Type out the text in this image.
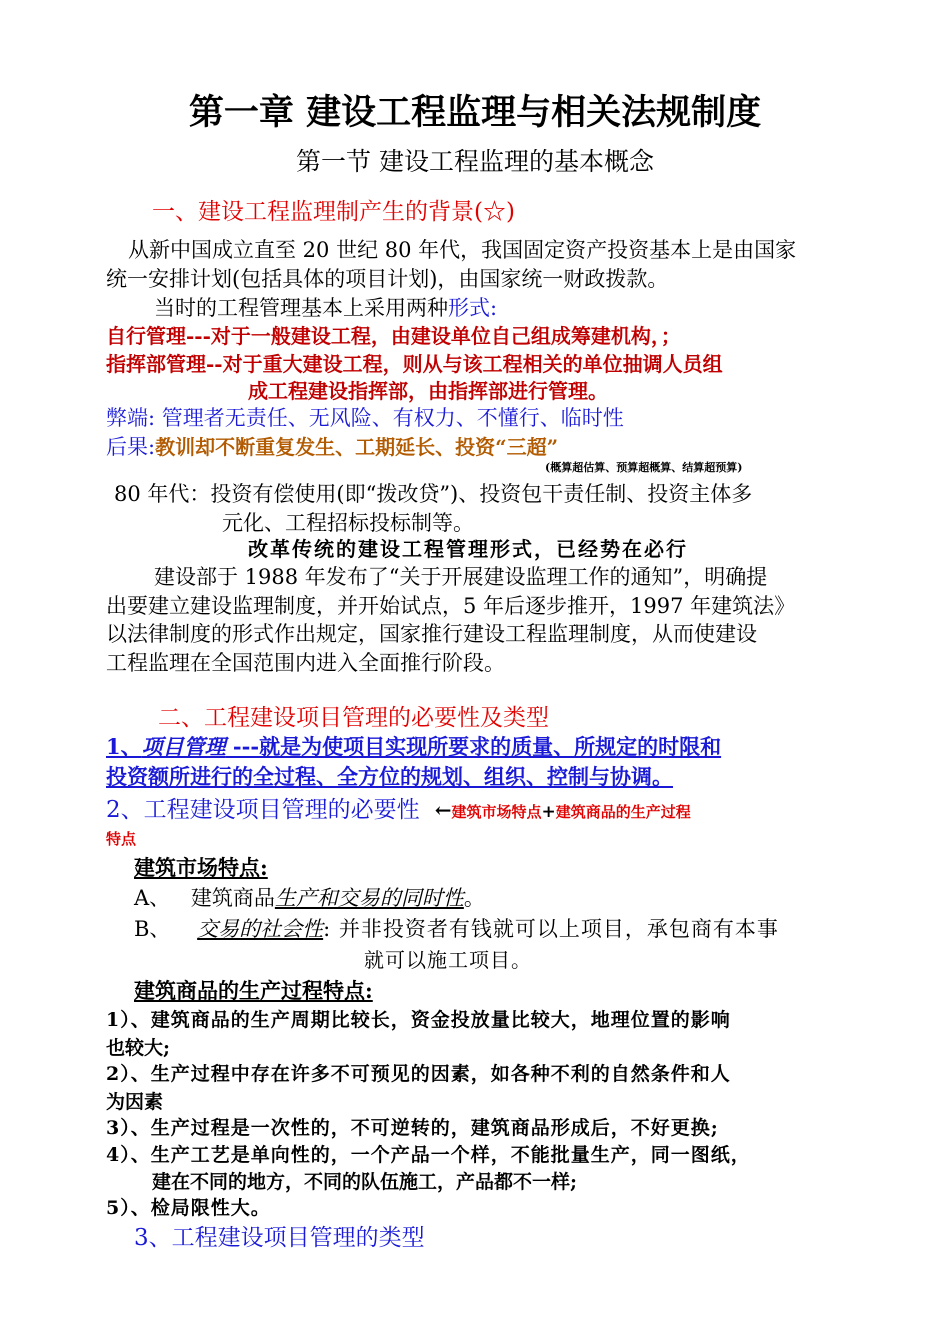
第一章 建设工程监理与相关法规制度
第一节 建设工程监理的基本概念
一、建设工程监理制产生的背景(☆)
从新中国成立直至 20 世纪 80 年代，我国固定资产投资基本上是由国家
统一安排计划(包括具体的项目计划)，由国家统一财政拨款。
当时的工程管理基本上采用两种形式:
自行管理---对于一般建设工程，由建设单位自己组成筹建机构，；
指挥部管理--对于重大建设工程，则从与该工程相关的单位抽调人员组
成工程建设指挥部，由指挥部进行管理。
弊端: 管理者无责任、无风险、有权力、不懂行、临时性
后果:教训却不断重复发生、工期延长、投资“三超”
(概算超估算、预算超概算、结算超预算)
80 年代：投资有偿使用(即“拨改贷”)、投资包干责任制、投资主体多
元化、工程招标投标制等。
改革传统的建设工程管理形式，已经势在必行
建设部于 1988 年发布了“关于开展建设监理工作的通知”，明确提
出要建立建设监理制度，并开始试点，5 年后逐步推开，1997 年建筑法》
以法律制度的形式作出规定，国家推行建设工程监理制度，从而使建设
工程监理在全国范围内进入全面推行阶段。
二、工程建设项目管理的必要性及类型
1、项目管理 ---就是为使项目实现所要求的质量、所规定的时限和
投资额所进行的全过程、全方位的规划、组织、控制与协调。
2、工程建设项目管理的必要性 ←建筑市场特点+建筑商品的生产过程
特点
建筑市场特点:
A、 建筑商品生产和交易的同时性。
B、 交易的社会性: 并非投资者有钱就可以上项目，承包商有本事
就可以施工项目。
建筑商品的生产过程特点:
1）、建筑商品的生产周期比较长，资金投放量比较大，地理位置的影响
也较大;
2）、生产过程中存在许多不可预见的因素，如各种不利的自然条件和人
为因素
3）、生产过程是一次性的，不可逆转的，建筑商品形成后，不好更换;
4）、生产工艺是单向性的，一个产品一个样，不能批量生产，同一图纸，
建在不同的地方，不同的队伍施工，产品都不一样;
5）、检局限性大。
3、工程建设项目管理的类型
